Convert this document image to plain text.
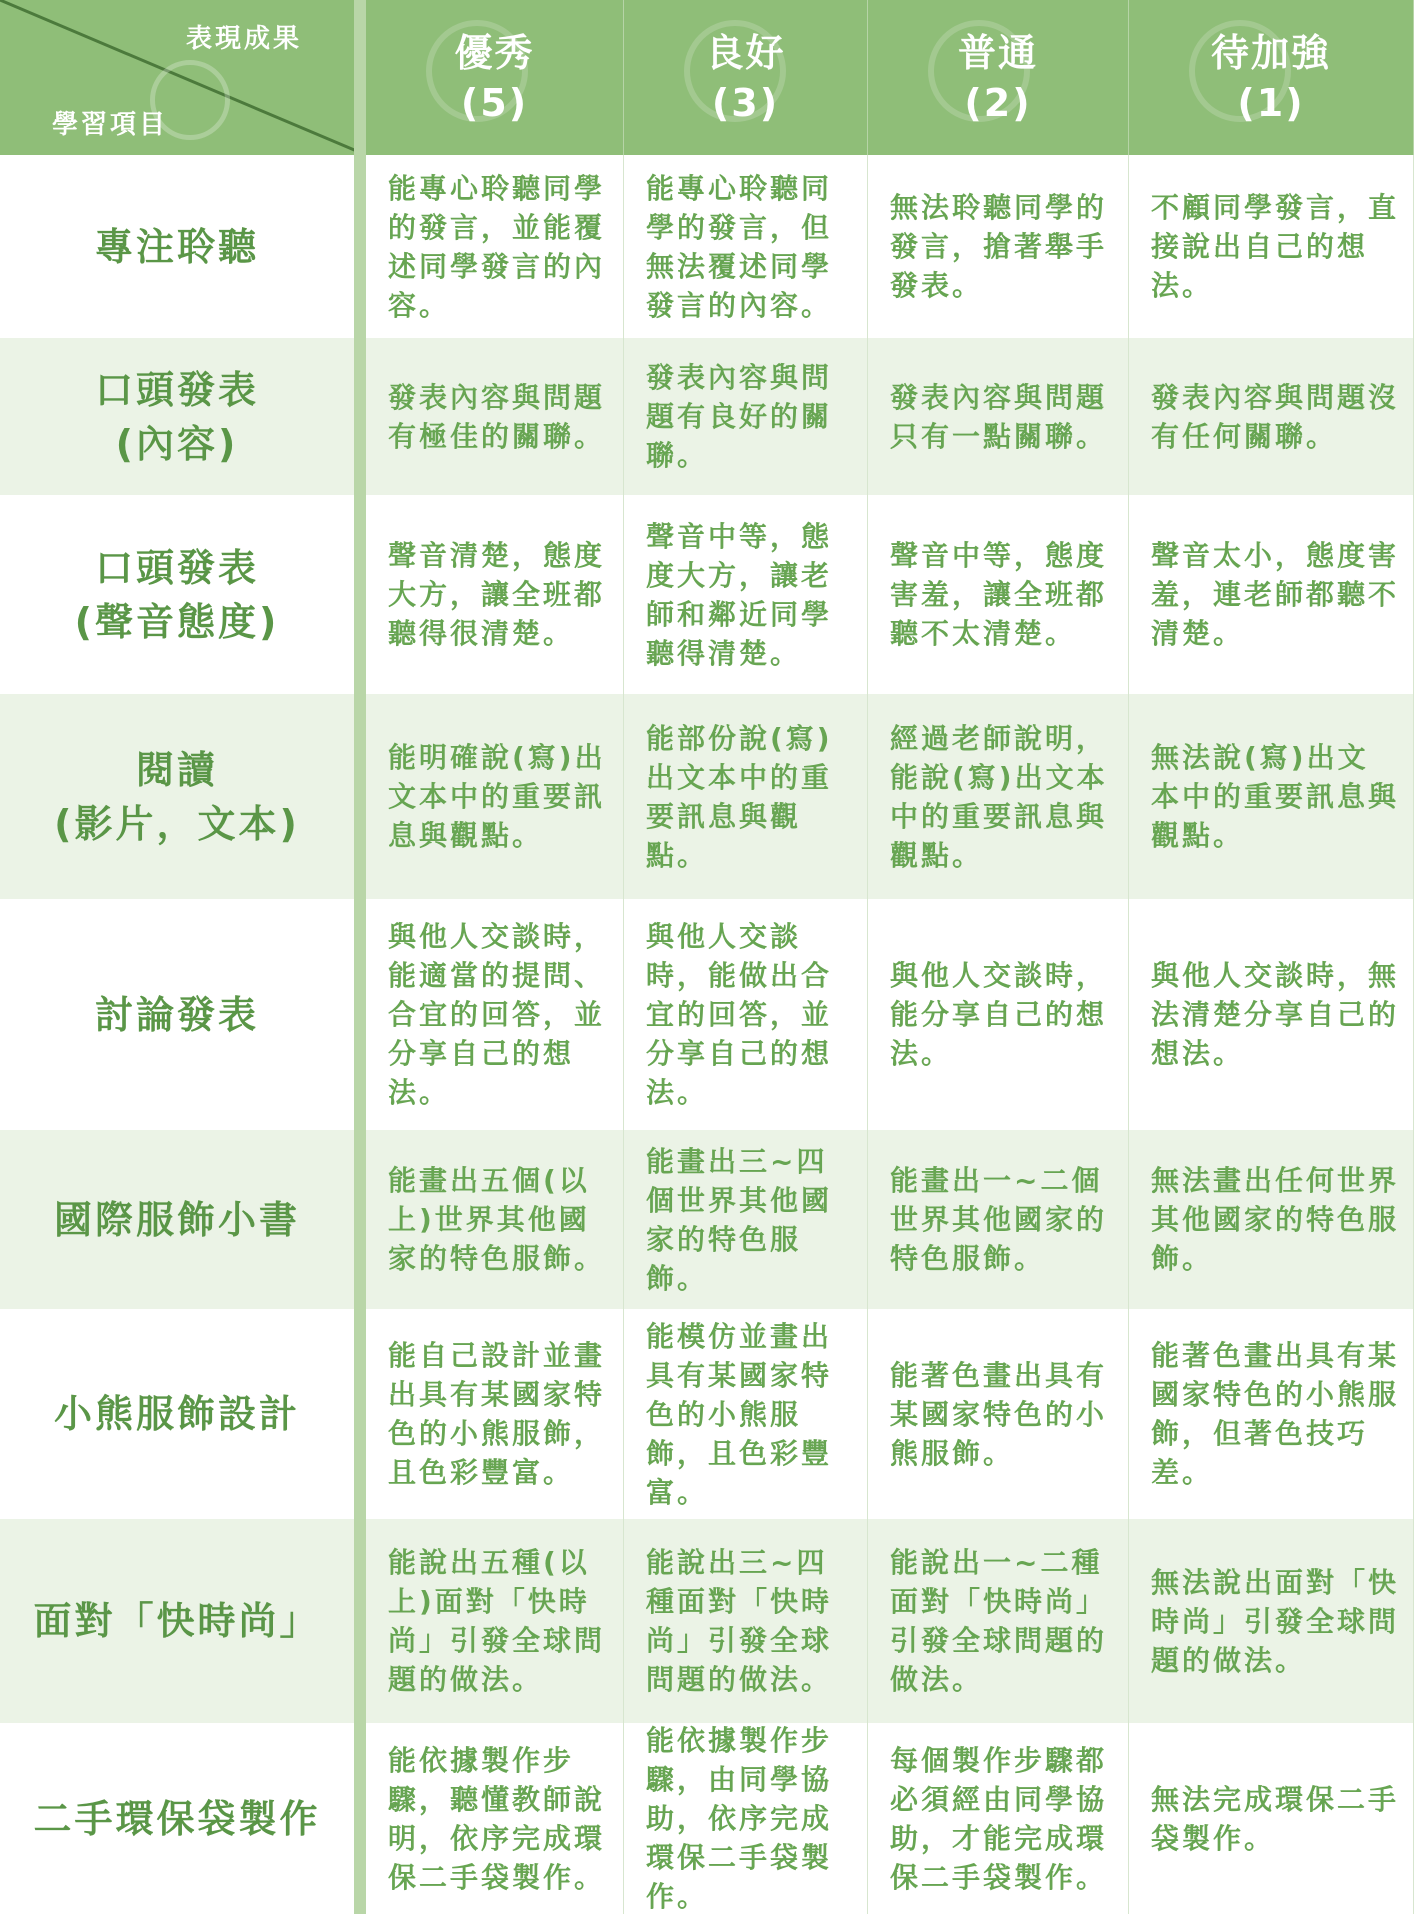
表現成果
學習項目
優秀
(5)
良好
(3)
普通
(2)
待加強
(1)
專注聆聽
能專心聆聽同學的發言，並能覆述同學發言的內容。
能專心聆聽同學的發言，但無法覆述同學發言的內容。
無法聆聽同學的發言，搶著舉手發表。
不顧同學發言，直接說出自己的想法。
口頭發表
(內容)
發表內容與問題有極佳的關聯。
發表內容與問題有良好的關聯。
發表內容與問題只有一點關聯。
發表內容與問題沒有任何關聯。
口頭發表
(聲音態度)
聲音清楚，態度大方，讓全班都聽得很清楚。
聲音中等，態度大方，讓老師和鄰近同學聽得清楚。
聲音中等，態度害羞，讓全班都聽不太清楚。
聲音太小，態度害羞，連老師都聽不清楚。
閱讀
(影片，文本)
能明確說(寫)出文本中的重要訊息與觀點。
能部份說(寫)出文本中的重要訊息與觀點。
經過老師說明，能說(寫)出文本中的重要訊息與觀點。
無法說(寫)出文本中的重要訊息與觀點。
討論發表
與他人交談時，能適當的提問、合宜的回答，並分享自己的想法。
與他人交談時，能做出合宜的回答，並分享自己的想法。
與他人交談時，能分享自己的想法。
與他人交談時，無法清楚分享自己的想法。
國際服飾小書
能畫出五個(以上)世界其他國家的特色服飾。
能畫出三~四個世界其他國家的特色服飾。
能畫出一~二個世界其他國家的特色服飾。
無法畫出任何世界其他國家的特色服飾。
小熊服飾設計
能自己設計並畫出具有某國家特色的小熊服飾，且色彩豐富。
能模仿並畫出具有某國家特色的小熊服飾，且色彩豐富。
能著色畫出具有某國家特色的小熊服飾。
能著色畫出具有某國家特色的小熊服飾，但著色技巧差。
面對「快時尚」
能說出五種(以上)面對「快時尚」引發全球問題的做法。
能說出三~四種面對「快時尚」引發全球問題的做法。
能說出一~二種面對「快時尚」引發全球問題的做法。
無法說出面對「快時尚」引發全球問題的做法。
二手環保袋製作
能依據製作步驟，聽懂教師說明，依序完成環保二手袋製作。
能依據製作步驟，由同學協助，依序完成環保二手袋製作。
每個製作步驟都必須經由同學協助，才能完成環保二手袋製作。
無法完成環保二手袋製作。
